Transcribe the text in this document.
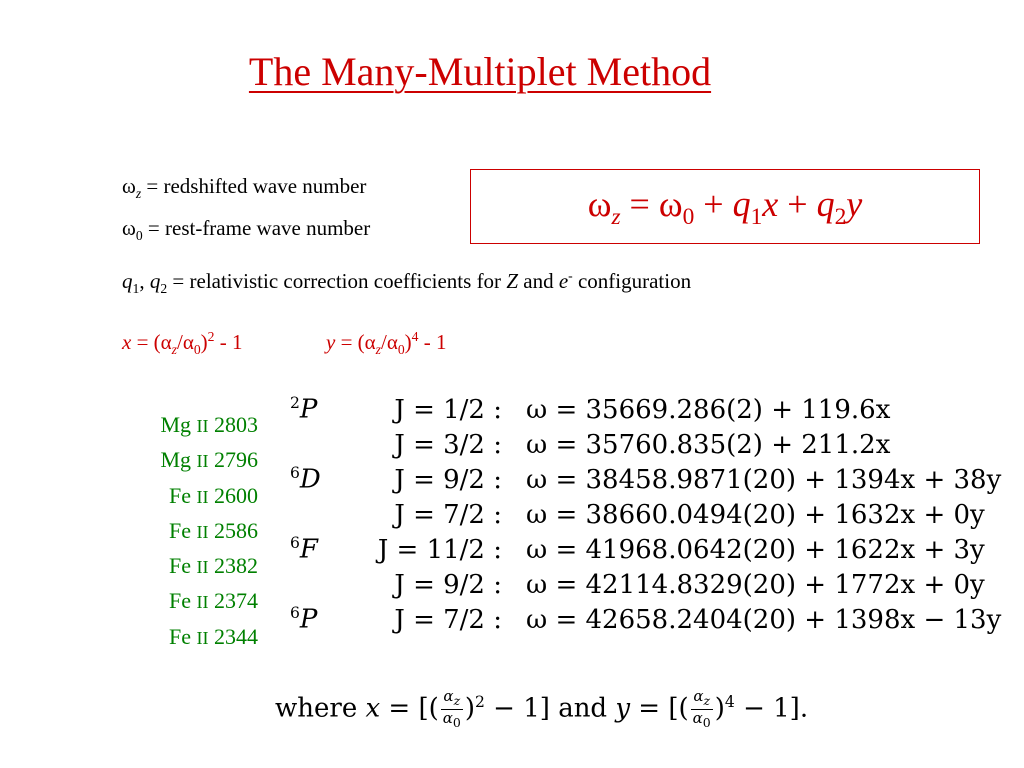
The Many-Multiplet Method
$\omega_z$ = redshifted wave number
$\omega_0$ = rest-frame wave number
$\omega_z = \omega_0 + q_1x + q_2y$
$q_1$, $q_2$ = relativistic correction coefficients for Z and e- configuration
$x = (\alpha_z/\alpha_0)^2 - 1$	$y = (\alpha_z/\alpha_0)^4 - 1$
Mg II 2803
Mg II 2796
Fe II 2600
Fe II 2586
Fe II 2382
Fe II 2374
Fe II 2344
$^2$P	J = 1/2 :	ω = 35669.286(2) + 119.6x
	J = 3/2 :	ω = 35760.835(2) + 211.2x
$^6$D	J = 9/2 :	ω = 38458.9871(20) + 1394x + 38y
	J = 7/2 :	ω = 38660.0494(20) + 1632x + 0y
$^6$F	J = 11/2 :	ω = 41968.0642(20) + 1622x + 3y
	J = 9/2 :	ω = 42114.8329(20) + 1772x + 0y
$^6$P	J = 7/2 :	ω = 42658.2404(20) + 1398x − 13y
where x = [( $\frac{\alpha_z}{\alpha_0} )^2 - 1$] and y = [( $\frac{\alpha_z}{\alpha_0} )^4 - 1$].
